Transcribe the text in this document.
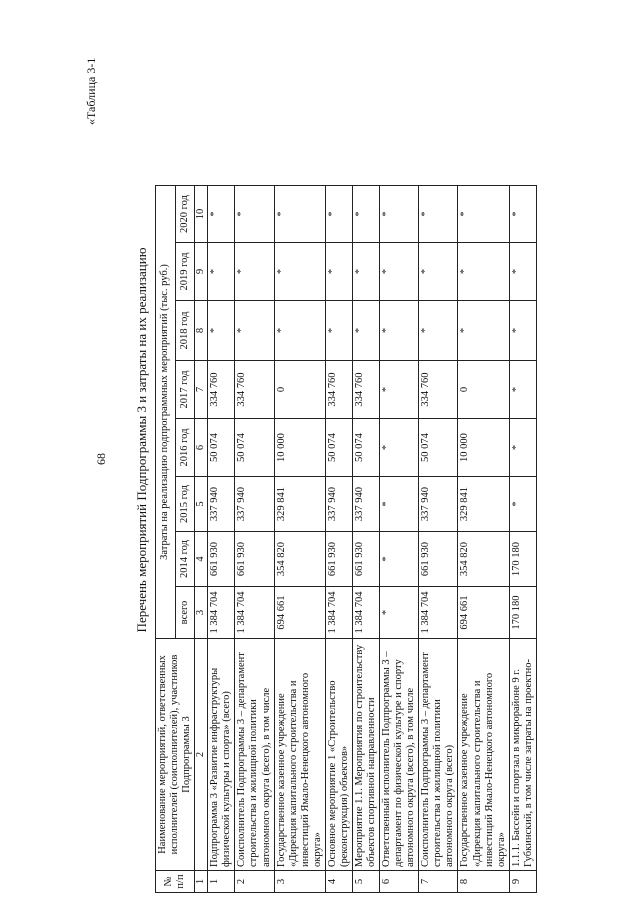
68
«Таблица 3-1
Перечень мероприятий Подпрограммы 3 и затраты на их реализацию
№ п/п	Наименование мероприятий, ответственных исполнителей (соисполнителей), участников Подпрограммы 3	Затраты на реализацию подпрограммных мероприятий (тыс. руб.)							
		всего	2014 год	2015 год	2016 год	2017 год	2018 год	2019 год	2020 год
1	2	3	4	5	6	7	8	9	10
1	Подпрограмма 3 «Развитие инфраструктуры физической культуры и спорта» (всего)	1 384 704	661 930	337 940	50 074	334 760	*	*	*
2	Соисполнитель Подпрограммы 3 – департамент строительства и жилищной политики автономного округа (всего), в том числе	1 384 704	661 930	337 940	50 074	334 760	*	*	*
3	Государственное казенное учреждение «Дирекция капитального строительства и инвестиций Ямало-Ненецкого автономного округа»	694 661	354 820	329 841	10 000	0	*	*	*
4	Основное мероприятие 1 «Строительство (реконструкция) объектов»	1 384 704	661 930	337 940	50 074	334 760	*	*	*
5	Мероприятие 1.1. Мероприятия по строительству объектов спортивной направленности	1 384 704	661 930	337 940	50 074	334 760	*	*	*
6	Ответственный исполнитель Подпрограммы 3 – департамент по физической культуре и спорту автономного округа (всего), в том числе	*	*	*	*	*	*	*	*
7	Соисполнитель Подпрограммы 3 – департамент строительства и жилищной политики автономного округа (всего)	1 384 704	661 930	337 940	50 074	334 760	*	*	*
8	Государственное казенное учреждение «Дирекция капитального строительства и инвестиций Ямало-Ненецкого автономного округа»	694 661	354 820	329 841	10 000	0	*	*	*
9	1.1.1. Бассейн и спортзал в микрорайоне 9 г. Губкинский, в том числе затраты на проектно-	170 180	170 180	*	*	*	*	*	*
